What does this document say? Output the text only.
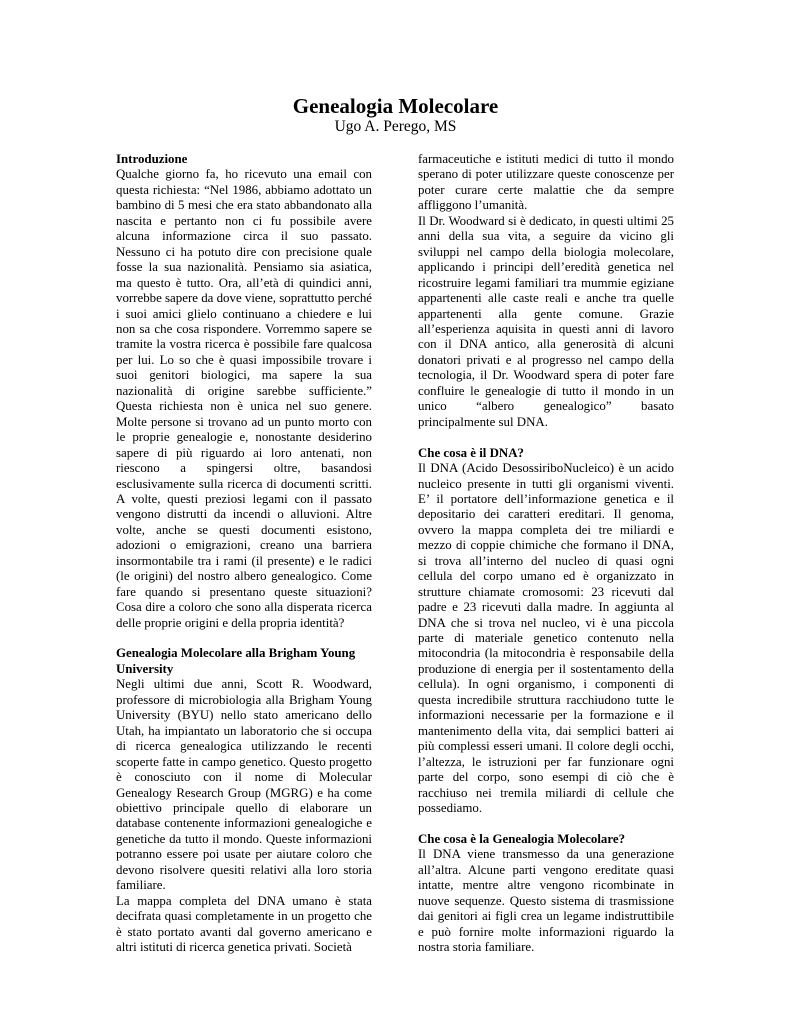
Genealogia Molecolare
Ugo A. Perego, MS
Introduzione

Qualche giorno fa, ho ricevuto una email con questa richiesta: “Nel 1986, abbiamo adottato un bambino di 5 mesi che era stato abbandonato alla nascita e pertanto non ci fu possibile avere alcuna informazione circa il suo passato. Nessuno ci ha potuto dire con precisione quale fosse la sua nazionalità. Pensiamo sia asiatica, ma questo è tutto. Ora, all’età di quindici anni, vorrebbe sapere da dove viene, soprattutto perché i suoi amici glielo continuano a chiedere e lui non sa che cosa rispondere. Vorremmo sapere se tramite la vostra ricerca è possibile fare qualcosa per lui. Lo so che è quasi impossibile trovare i suoi genitori biologici, ma sapere la sua nazionalità di origine sarebbe sufficiente.” Questa richiesta non è unica nel suo genere. Molte persone si trovano ad un punto morto con le proprie genealogie e, nonostante desiderino sapere di più riguardo ai loro antenati, non riescono a spingersi oltre, basandosi esclusivamente sulla ricerca di documenti scritti. A volte, questi preziosi legami con il passato vengono distrutti da incendi o alluvioni. Altre volte, anche se questi documenti esistono, adozioni o emigrazioni, creano una barriera insormontabile tra i rami (il presente) e le radici (le origini) del nostro albero genealogico. Come fare quando si presentano queste situazioni? Cosa dire a coloro che sono alla disperata ricerca delle proprie origini e della propria identità?

Genealogia Molecolare alla Brigham Young University

Negli ultimi due anni, Scott R. Woodward, professore di microbiologia alla Brigham Young University (BYU) nello stato americano dello Utah, ha impiantato un laboratorio che si occupa di ricerca genealogica utilizzando le recenti scoperte fatte in campo genetico. Questo progetto è conosciuto con il nome di Molecular Genealogy Research Group (MGRG) e ha come obiettivo principale quello di elaborare un database contenente informazioni genealogiche e genetiche da tutto il mondo. Queste informazioni potranno essere poi usate per aiutare coloro che devono risolvere quesiti relativi alla loro storia familiare.

La mappa completa del DNA umano è stata decifrata quasi completamente in un progetto che è stato portato avanti dal governo americano e altri istituti di ricerca genetica privati. Società

farmaceutiche e istituti medici di tutto il mondo sperano di poter utilizzare queste conoscenze per poter curare certe malattie che da sempre affliggono l’umanità.

Il Dr. Woodward si è dedicato, in questi ultimi 25 anni della sua vita, a seguire da vicino gli sviluppi nel campo della biologia molecolare, applicando i principi dell’eredità genetica nel ricostruire legami familiari tra mummie egiziane appartenenti alle caste reali e anche tra quelle appartenenti alla gente comune. Grazie all’esperienza aquisita in questi anni di lavoro con il DNA antico, alla generosità di alcuni donatori privati e al progresso nel campo della tecnologia, il Dr. Woodward spera di poter fare confluire le genealogie di tutto il mondo in un unico “albero genealogico” basato principalmente sul DNA.

Che cosa è il DNA?

Il DNA (Acido DesossiriboNucleico) è un acido nucleico presente in tutti gli organismi viventi. E’ il portatore dell’informazione genetica e il depositario dei caratteri ereditari. Il genoma, ovvero la mappa completa dei tre miliardi e mezzo di coppie chimiche che formano il DNA, si trova all’interno del nucleo di quasi ogni cellula del corpo umano ed è organizzato in strutture chiamate cromosomi: 23 ricevuti dal padre e 23 ricevuti dalla madre. In aggiunta al DNA che si trova nel nucleo, vi è una piccola parte di materiale genetico contenuto nella mitocondria (la mitocondria è responsabile della produzione di energia per il sostentamento della cellula). In ogni organismo, i componenti di questa incredibile struttura racchiudono tutte le informazioni necessarie per la formazione e il mantenimento della vita, dai semplici batteri ai più complessi esseri umani. Il colore degli occhi, l’altezza, le istruzioni per far funzionare ogni parte del corpo, sono esempi di ciò che è racchiuso nei tremila miliardi di cellule che possediamo.

Che cosa è la Genealogia Molecolare?

Il DNA viene transmesso da una generazione all’altra. Alcune parti vengono ereditate quasi intatte, mentre altre vengono ricombinate in nuove sequenze. Questo sistema di trasmissione dai genitori ai figli crea un legame indistruttibile e può fornire molte informazioni riguardo la nostra storia familiare.
